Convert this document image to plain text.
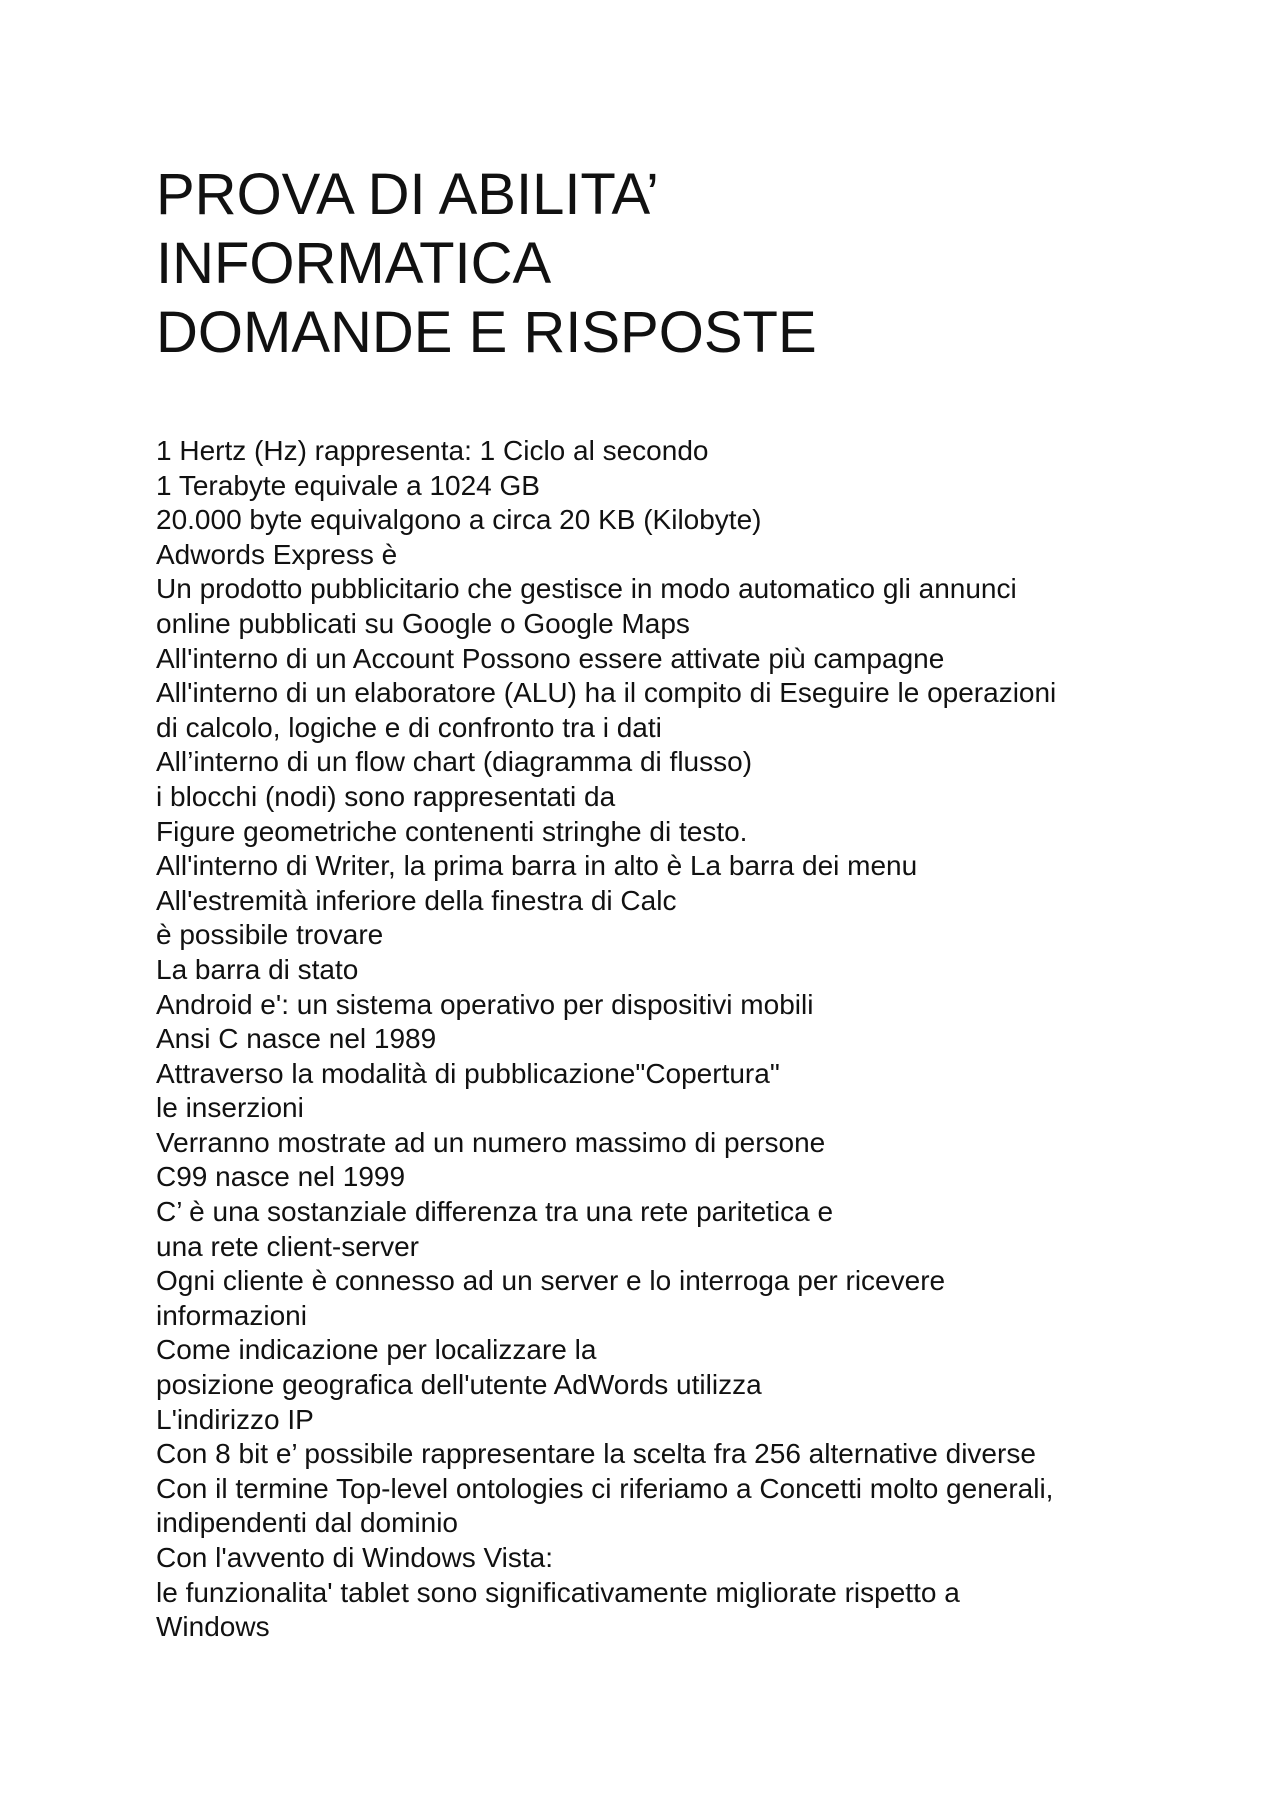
PROVA DI ABILITA’

INFORMATICA

DOMANDE E RISPOSTE

1 Hertz (Hz) rappresenta: 1 Ciclo al secondo

1 Terabyte equivale a 1024 GB

20.000 byte equivalgono a circa 20 KB (Kilobyte)

Adwords Express è

Un prodotto pubblicitario che gestisce in modo automatico gli annunci

online pubblicati su Google o Google Maps

All'interno di un Account Possono essere attivate più campagne

All'interno di un elaboratore (ALU) ha il compito di Eseguire le operazioni

di calcolo, logiche e di confronto tra i dati

All’interno di un flow chart (diagramma di flusso)

i blocchi (nodi) sono rappresentati da

Figure geometriche contenenti stringhe di testo.

All'interno di Writer, la prima barra in alto è La barra dei menu

All'estremità inferiore della finestra di Calc

è possibile trovare

La barra di stato

Android e': un sistema operativo per dispositivi mobili

Ansi C nasce nel 1989

Attraverso la modalità di pubblicazione"Copertura"

le inserzioni

Verranno mostrate ad un numero massimo di persone

C99 nasce nel 1999

C’ è una sostanziale differenza tra una rete paritetica e

una rete client-server

Ogni cliente è connesso ad un server e lo interroga per ricevere

informazioni

Come indicazione per localizzare la

posizione geografica dell'utente AdWords utilizza

L'indirizzo IP

Con 8 bit e’ possibile rappresentare la scelta fra 256 alternative diverse

Con il termine Top-level ontologies ci riferiamo a Concetti molto generali,

indipendenti dal dominio

Con l'avvento di Windows Vista:

le funzionalita' tablet sono significativamente migliorate rispetto a

Windows
